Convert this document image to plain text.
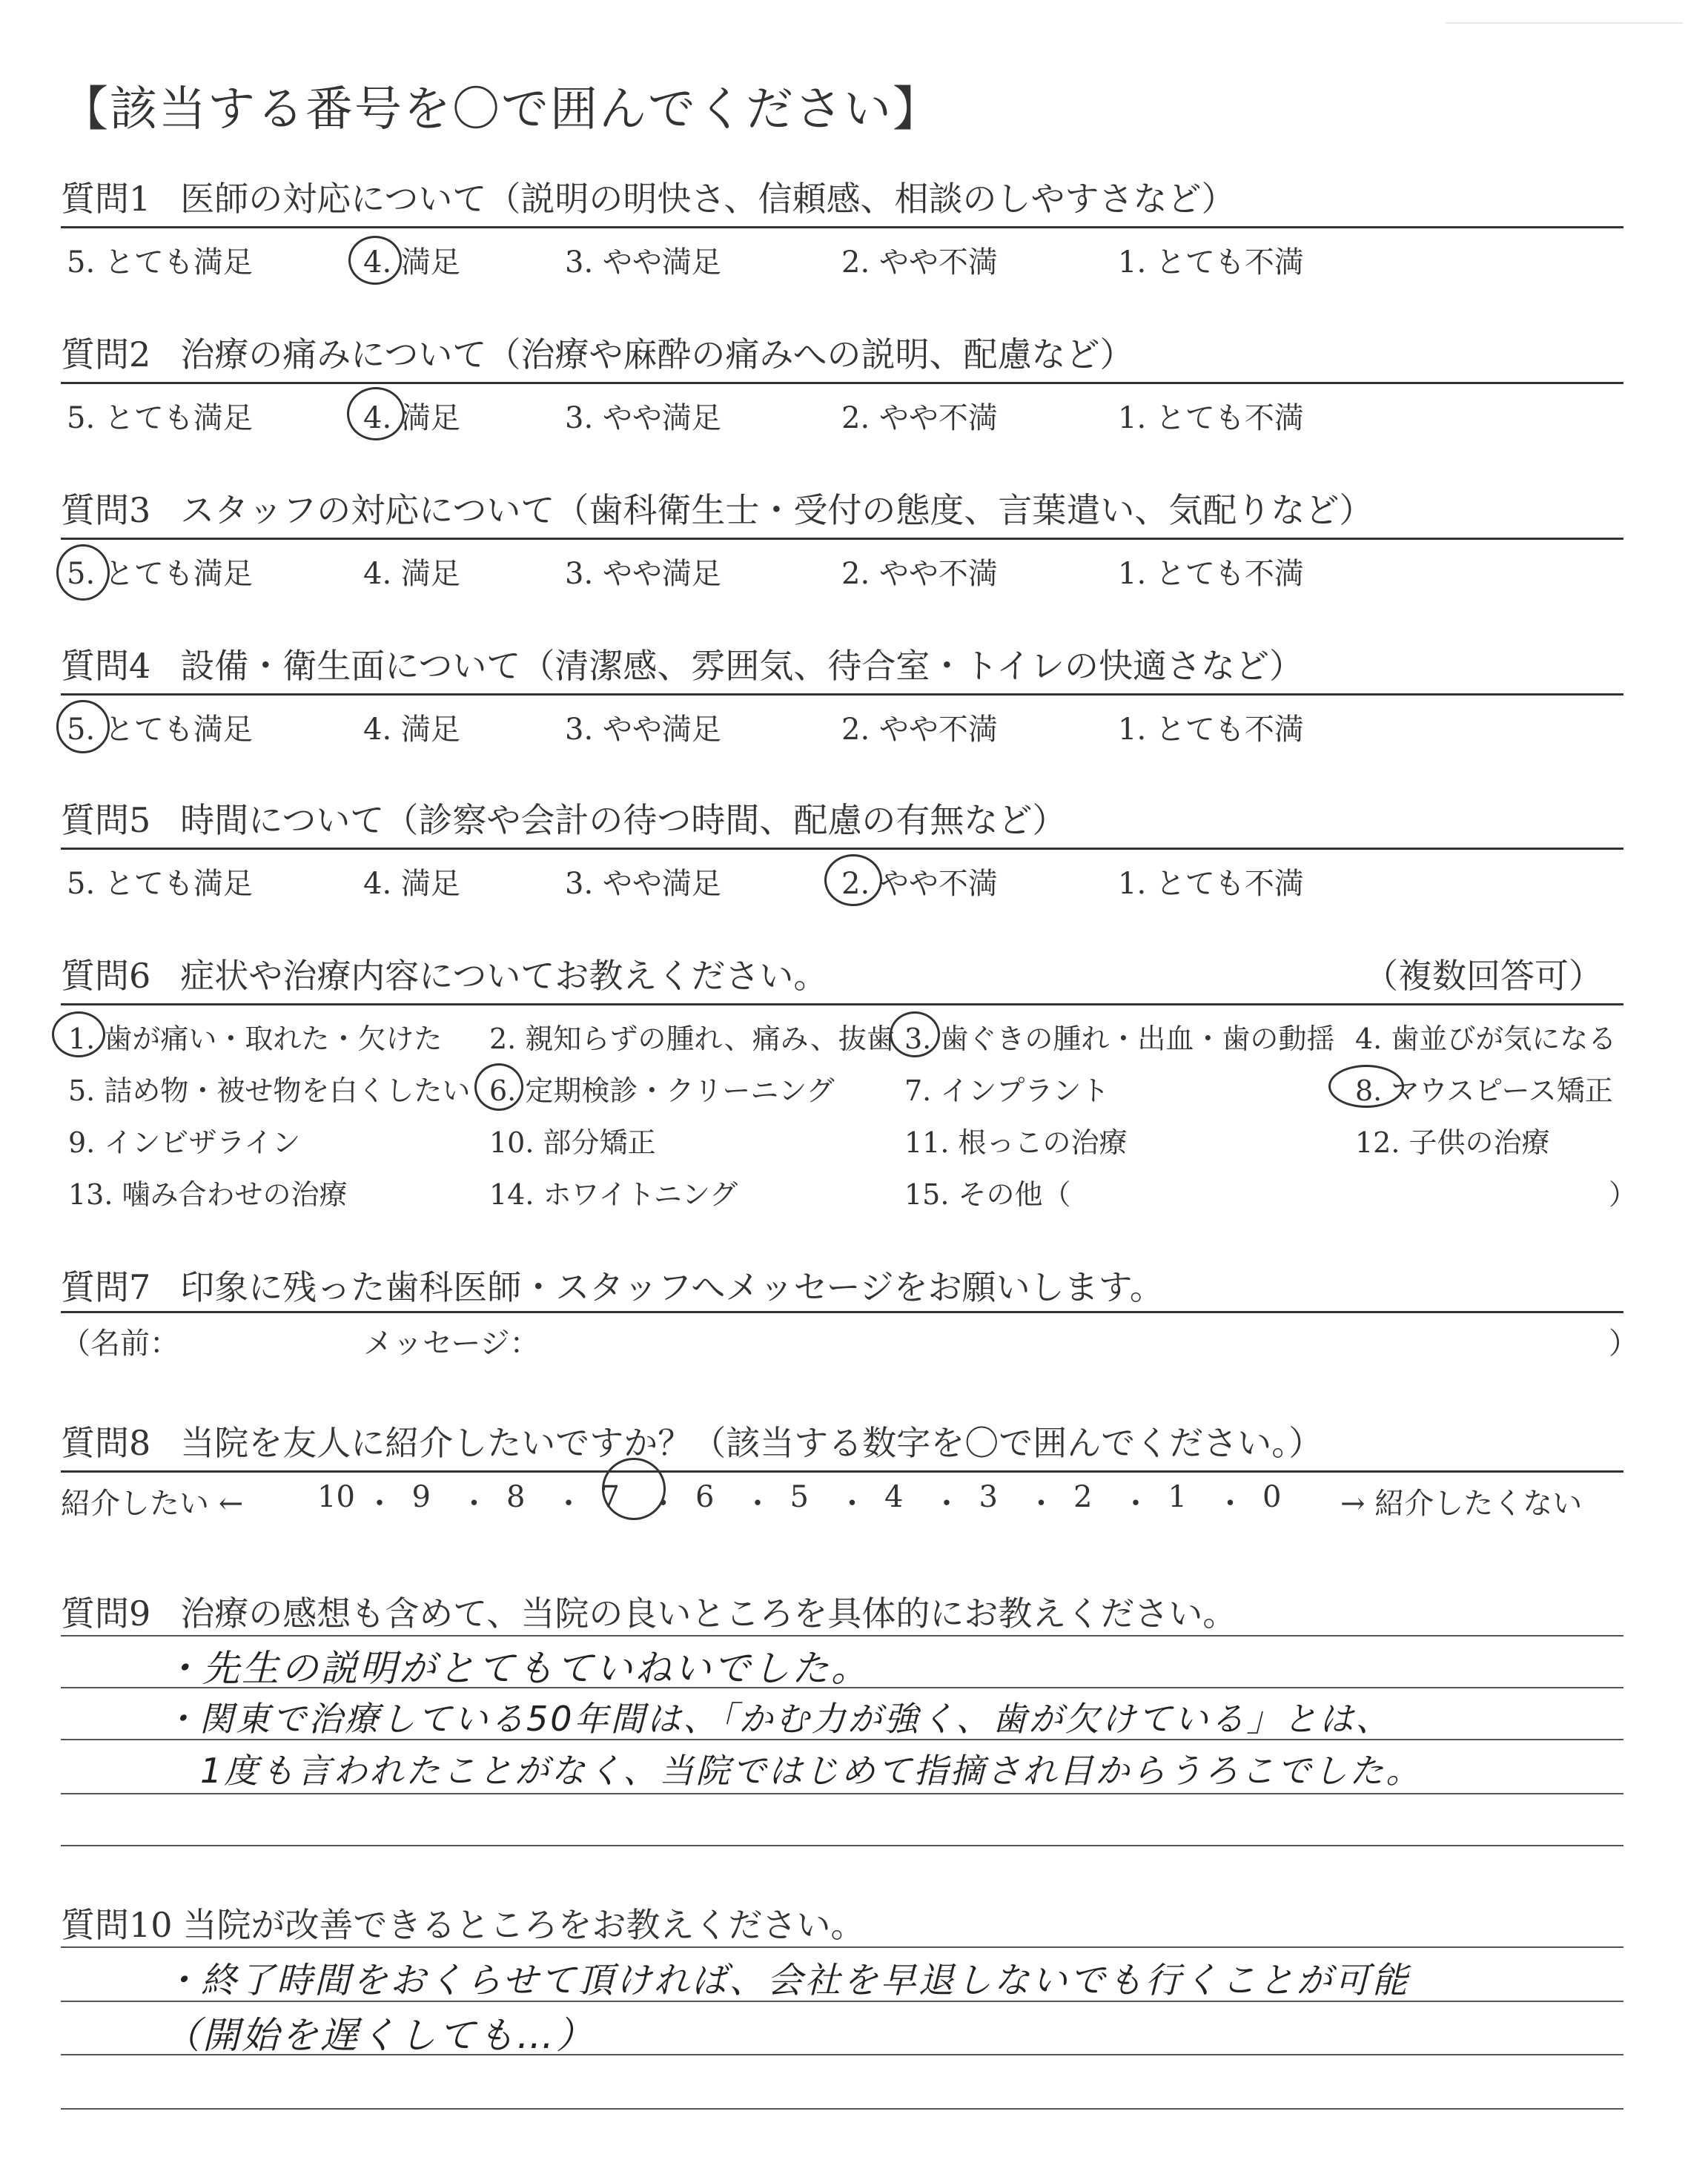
【該当する番号を〇で囲んでください】
質問1 医師の対応について（説明の明快さ、信頼感、相談のしやすさなど）
5. とても満足	4. 満足	3. やや満足	2. やや不満	1. とても不満
質問2 治療の痛みについて（治療や麻酔の痛みへの説明、配慮など）
5. とても満足	4. 満足	3. やや満足	2. やや不満	1. とても不満
質問3 スタッフの対応について（歯科衛生士・受付の態度、言葉遣い、気配りなど）
5. とても満足	4. 満足	3. やや満足	2. やや不満	1. とても不満
質問4 設備・衛生面について（清潔感、雰囲気、待合室・トイレの快適さなど）
5. とても満足	4. 満足	3. やや満足	2. やや不満	1. とても不満
質問5 時間について（診察や会計の待つ時間、配慮の有無など）
5. とても満足	4. 満足	3. やや満足	2. やや不満	1. とても不満
質問6 症状や治療内容についてお教えください。	（複数回答可）
1. 歯が痛い・取れた・欠けた 2. 親知らずの腫れ、痛み、抜歯 3. 歯ぐきの腫れ・出血・歯の動揺 4. 歯並びが気になる
5. 詰め物・被せ物を白くしたい 6. 定期検診・クリーニング 7. インプラント	8. マウスピース矯正
9. インビザライン	10. 部分矯正	11. 根っこの治療	12. 子供の治療
13. 噛み合わせの治療	14. ホワイトニング	15. その他（	）
質問7 印象に残った歯科医師・スタッフへメッセージをお願いします。
（名前：	メッセージ：	）
質問8 当院を友人に紹介したいですか？（該当する数字を〇で囲んでください。）
紹介したい ←	→ 紹介したくない
10 ・ 9 ・ 8 ・ 7 ・ 6 ・ 5 ・ 4 ・ 3 ・ 2 ・ 1 ・ 0
質問9 治療の感想も含めて、当院の良いところを具体的にお教えください。
・先生の説明がとてもていねいでした。
・関東で治療している50年間は、「かむ力が強く、歯が欠けている」とは、
1度も言われたことがなく、当院ではじめて指摘され目からうろこでした。
質問10 当院が改善できるところをお教えください。
・終了時間をおくらせて頂ければ、会社を早退しないでも行くことが可能
（開始を遅くしても…）
